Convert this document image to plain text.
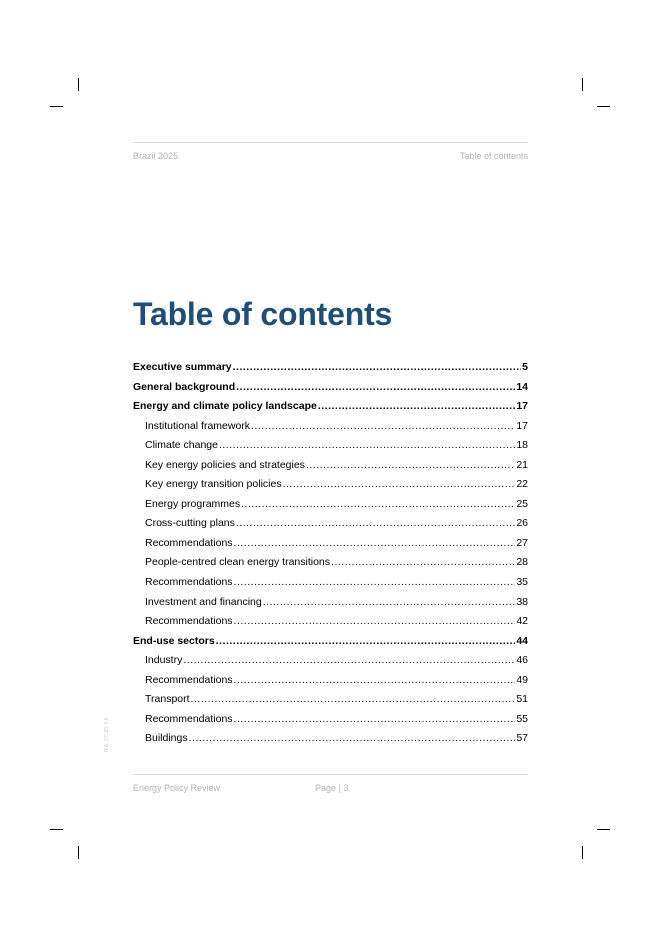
Brazil 2025	Table of contents
Table of contents
Executive summary .....	5
General background .....	14
Energy and climate policy landscape .....	17
Institutional framework .....	17
Climate change .....	18
Key energy policies and strategies .....	21
Key energy transition policies .....	22
Energy programmes .....	25
Cross-cutting plans .....	26
Recommendations .....	27
People-centred clean energy transitions .....	28
Recommendations .....	35
Investment and financing .....	38
Recommendations .....	42
End-use sectors .....	44
Industry .....	46
Recommendations .....	49
Transport .....	51
Recommendations .....	55
Buildings .....	57
IEA. CC BY 4.0.
Energy Policy Review	Page | 3
